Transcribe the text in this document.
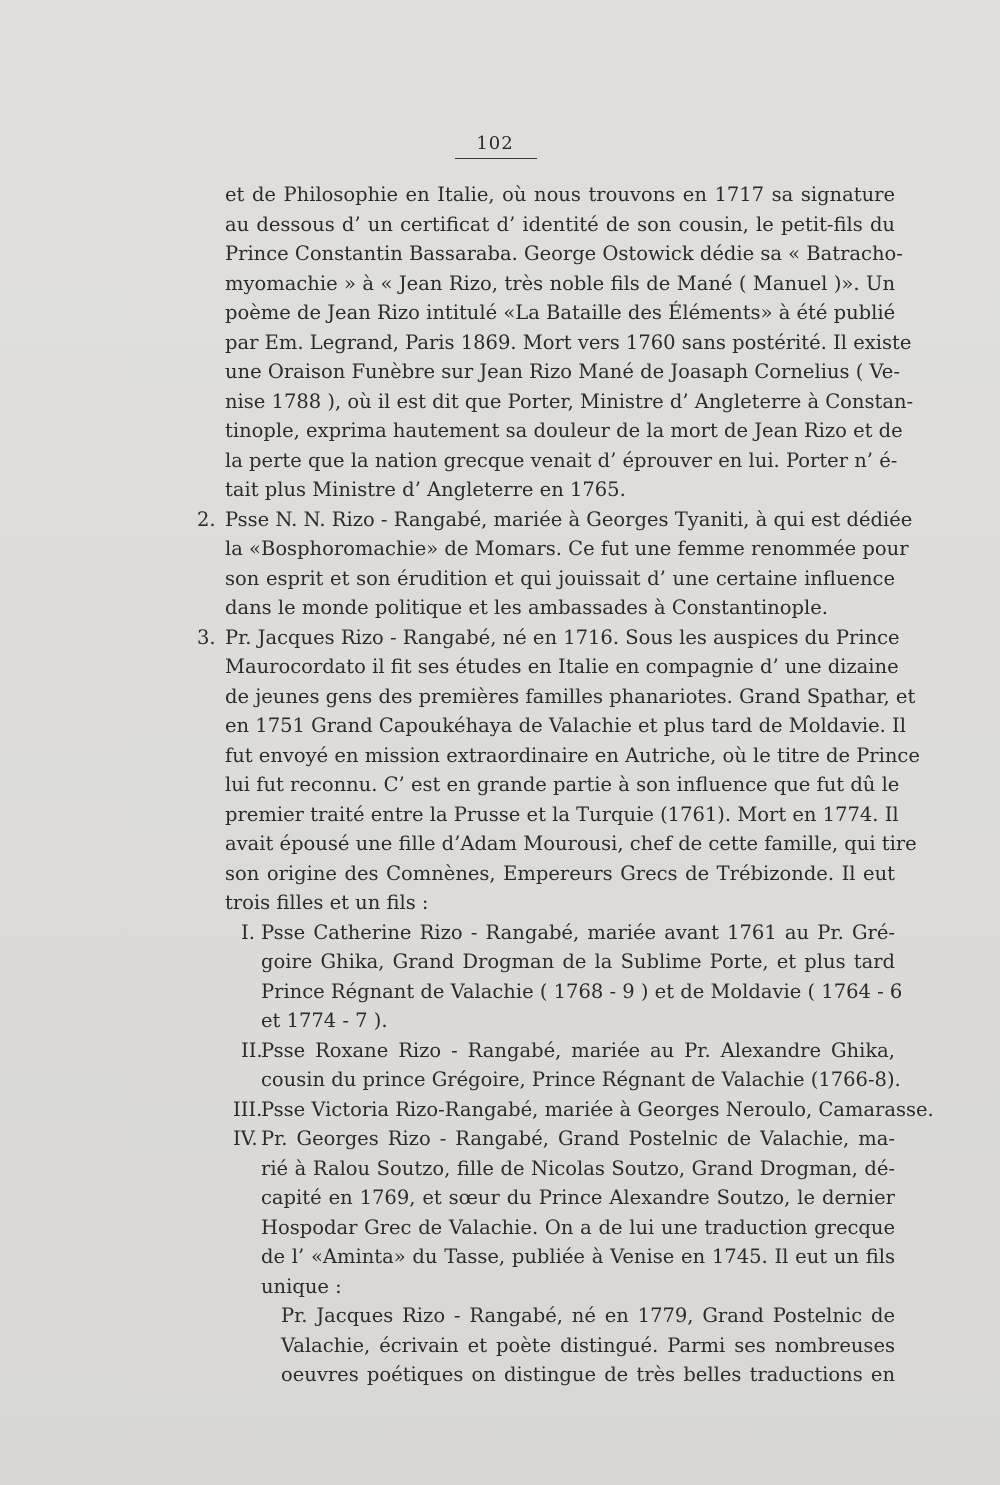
102
et de Philosophie en Italie, où nous trouvons en 1717 sa signature
au dessous d’ un certificat d’ identité de son cousin, le petit-fils du
Prince Constantin Bassaraba. George Ostowick dédie sa « Batracho-
myomachie » à « Jean Rizo, très noble fils de Mané ( Manuel )». Un
poème de Jean Rizo intitulé «La Bataille des Éléments» à été publié
par Em. Legrand, Paris 1869. Mort vers 1760 sans postérité. Il existe
une Oraison Funèbre sur Jean Rizo Mané de Joasaph Cornelius ( Ve-
nise 1788 ), où il est dit que Porter, Ministre d’ Angleterre à Constan-
tinople, exprima hautement sa douleur de la mort de Jean Rizo et de
la perte que la nation grecque venait d’ éprouver en lui. Porter n’ é-
tait plus Ministre d’ Angleterre en 1765.
2. Psse N. N. Rizo - Rangabé, mariée à Georges Tyaniti, à qui est dédiée
la «Bosphoromachie» de Momars. Ce fut une femme renommée pour
son esprit et son érudition et qui jouissait d’ une certaine influence
dans le monde politique et les ambassades à Constantinople.
3. Pr. Jacques Rizo - Rangabé, né en 1716. Sous les auspices du Prince
Maurocordato il fit ses études en Italie en compagnie d’ une dizaine
de jeunes gens des premières familles phanariotes. Grand Spathar, et
en 1751 Grand Capoukéhaya de Valachie et plus tard de Moldavie. Il
fut envoyé en mission extraordinaire en Autriche, où le titre de Prince
lui fut reconnu. C’ est en grande partie à son influence que fut dû le
premier traité entre la Prusse et la Turquie (1761). Mort en 1774. Il
avait épousé une fille d’Adam Mourousi, chef de cette famille, qui tire
son origine des Comnènes, Empereurs Grecs de Trébizonde. Il eut
trois filles et un fils :
I. Psse Catherine Rizo - Rangabé, mariée avant 1761 au Pr. Gré-
goire Ghika, Grand Drogman de la Sublime Porte, et plus tard
Prince Régnant de Valachie ( 1768 - 9 ) et de Moldavie ( 1764 - 6
et 1774 - 7 ).
II.
Psse Roxane Rizo - Rangabé, mariée au Pr. Alexandre Ghika,
cousin du prince Grégoire, Prince Régnant de Valachie (1766-8).
III.
Psse Victoria Rizo-Rangabé, mariée à Georges Neroulo, Camarasse.
IV. Pr. Georges Rizo - Rangabé, Grand Postelnic de Valachie, ma-
rié à Ralou Soutzo, fille de Nicolas Soutzo, Grand Drogman, dé-
capité en 1769, et sœur du Prince Alexandre Soutzo, le dernier
Hospodar Grec de Valachie. On a de lui une traduction grecque
de l’ «Aminta» du Tasse, publiée à Venise en 1745. Il eut un fils
unique :
Pr. Jacques Rizo - Rangabé, né en 1779, Grand Postelnic de
Valachie, écrivain et poète distingué. Parmi ses nombreuses
oeuvres poétiques on distingue de très belles traductions en
